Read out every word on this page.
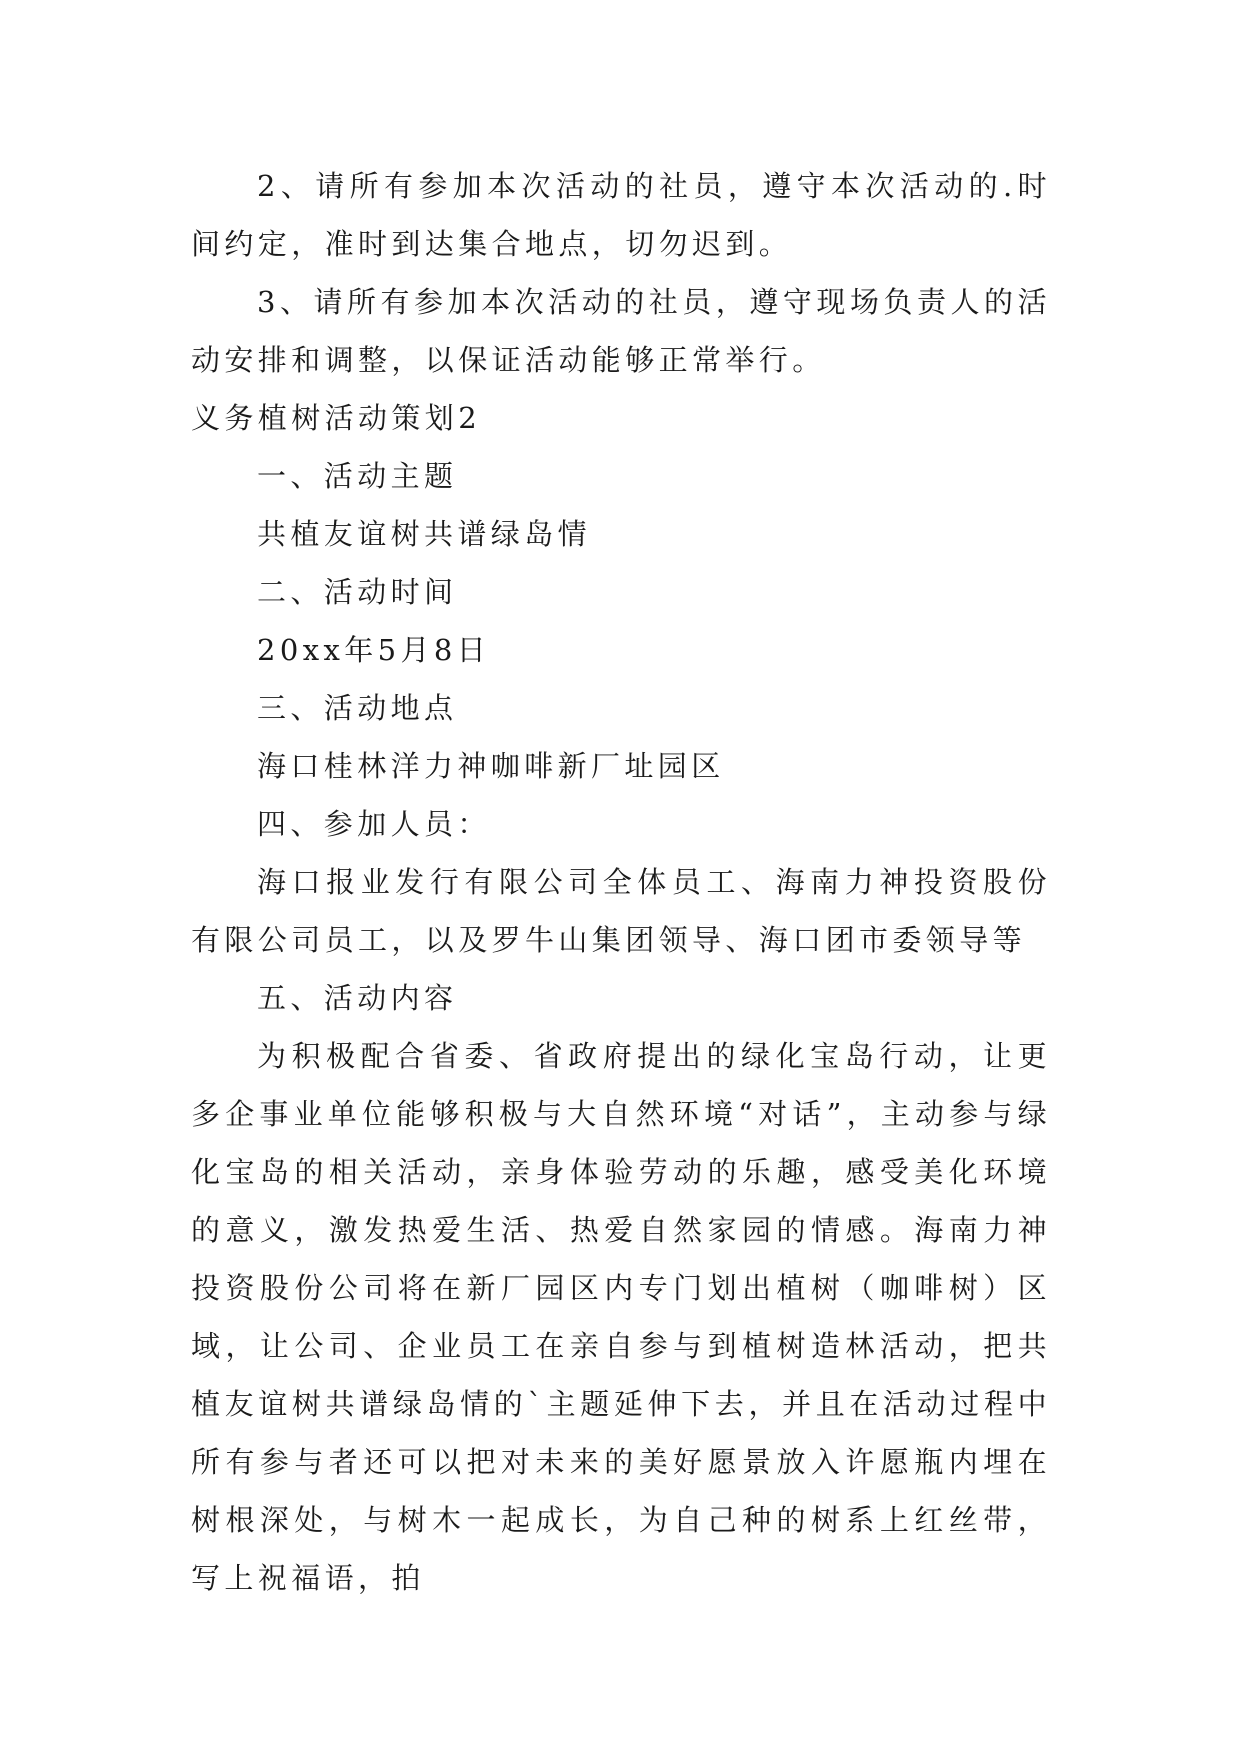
2、请所有参加本次活动的社员，遵守本次活动的.时间约定，准时到达集合地点，切勿迟到。

3、请所有参加本次活动的社员，遵守现场负责人的活动安排和调整，以保证活动能够正常举行。

义务植树活动策划2

一、活动主题

共植友谊树共谱绿岛情

二、活动时间

20xx年5月8日

三、活动地点

海口桂林洋力神咖啡新厂址园区

四、参加人员：

海口报业发行有限公司全体员工、海南力神投资股份有限公司员工，以及罗牛山集团领导、海口团市委领导等

五、活动内容

为积极配合省委、省政府提出的绿化宝岛行动，让更多企事业单位能够积极与大自然环境“对话”，主动参与绿化宝岛的相关活动，亲身体验劳动的乐趣，感受美化环境的意义，激发热爱生活、热爱自然家园的情感。海南力神投资股份公司将在新厂园区内专门划出植树（咖啡树）区域，让公司、企业员工在亲自参与到植树造林活动，把共植友谊树共谱绿岛情的`主题延伸下去，并且在活动过程中所有参与者还可以把对未来的美好愿景放入许愿瓶内埋在树根深处，与树木一起成长，为自己种的树系上红丝带，写上祝福语，拍
